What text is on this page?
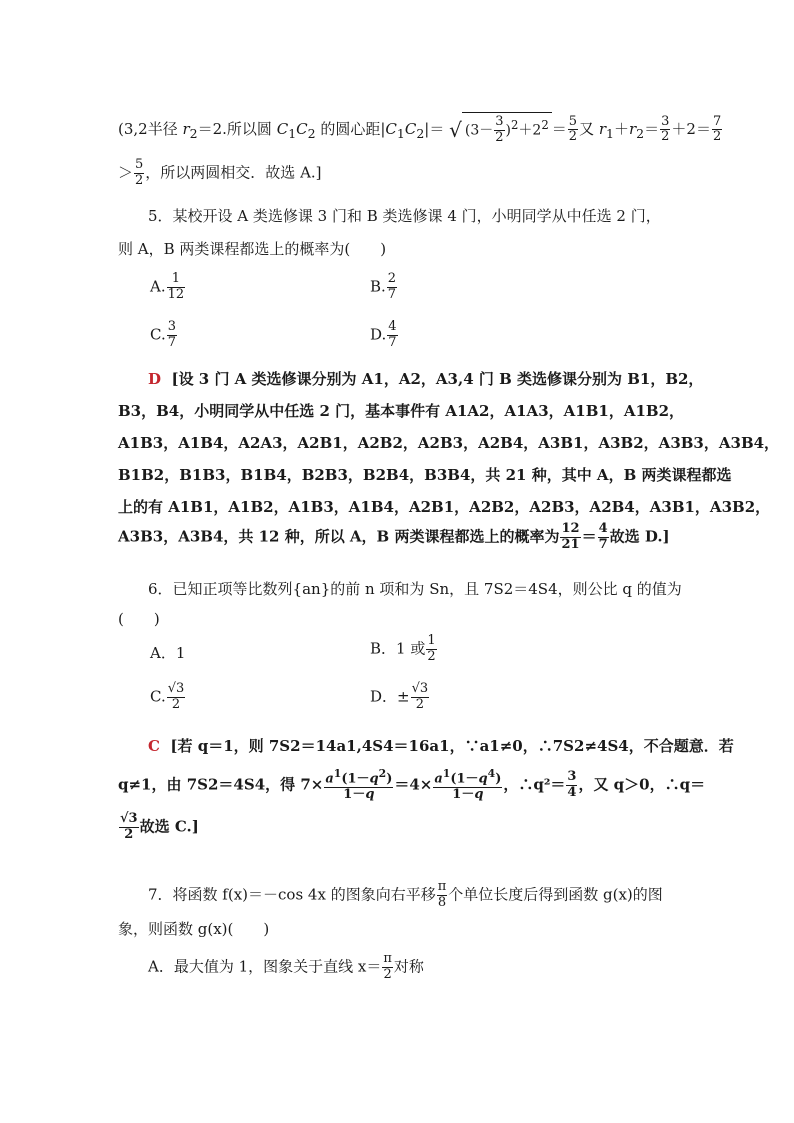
(3,2半径 $r_2=2$.所以圆 $C_1C_2$ 的圆心距$|C_1C_2|=$ √ $(3- \frac{3}{2} )^2+2^2 = \frac{5}{2}$ 又 $r_1+r_2= \frac{3}{2} +2= \frac{7}{2}$
＞ $\frac{5}{2}$ ，所以两圆相交．故选 A.]
5．某校开设 A 类选修课 3 门和 B 类选修课 4 门，小明同学从中任选 2 门，
则 A，B 两类课程都选上的概率为(　　)
A. $\frac{1}{12}$	B. $\frac{2}{7}$
C. $\frac{3}{7}$	D. $\frac{4}{7}$
D [设 3 门 A 类选修课分别为 A1，A2，A3,4 门 B 类选修课分别为 B1，B2，
B3，B4，小明同学从中任选 2 门，基本事件有 A1A2，A1A3，A1B1，A1B2，
A1B3，A1B4，A2A3，A2B1，A2B2，A2B3，A2B4，A3B1，A3B2，A3B3，A3B4，
B1B2，B1B3，B1B4，B2B3，B2B4，B3B4，共 21 种，其中 A，B 两类课程都选
上的有 A1B1，A1B2，A1B3，A1B4，A2B1，A2B2，A2B3，A2B4，A3B1，A3B2，
A3B3，A3B4，共 12 种，所以 A，B 两类课程都选上的概率为 $\frac{12}{21} = \frac{4}{7}$ 故选 D.]
6．已知正项等比数列{an}的前 n 项和为 Sn，且 7S2＝4S4，则公比 q 的值为
(　　)
A．1	B．1 或 $\frac{1}{2}$
C. $\frac{√3}{2}$	D．± $\frac{√3}{2}$
C [若 q＝1，则 7S2＝14a1,4S4＝16a1，∵a1≠0，∴7S2≠4S4，不合题意．若
q≠1，由 7S2＝4S4，得 $7\times \frac{a^1(1-q^2)}{1-q} =4\times \frac{a^1(1-q^4)}{1-q}$ ，∴q²＝ $\frac{3}{4}$ ，又 q＞0，∴q＝
$\frac{√3}{2}$ 故选 C.]
7．将函数 f(x)＝－cos 4x 的图象向右平移 $\frac{\pi}{8}$ 个单位长度后得到函数 g(x)的图
象，则函数 g(x)(　　)
A．最大值为 1，图象关于直线 $x= \frac{\pi}{2}$ 对称
